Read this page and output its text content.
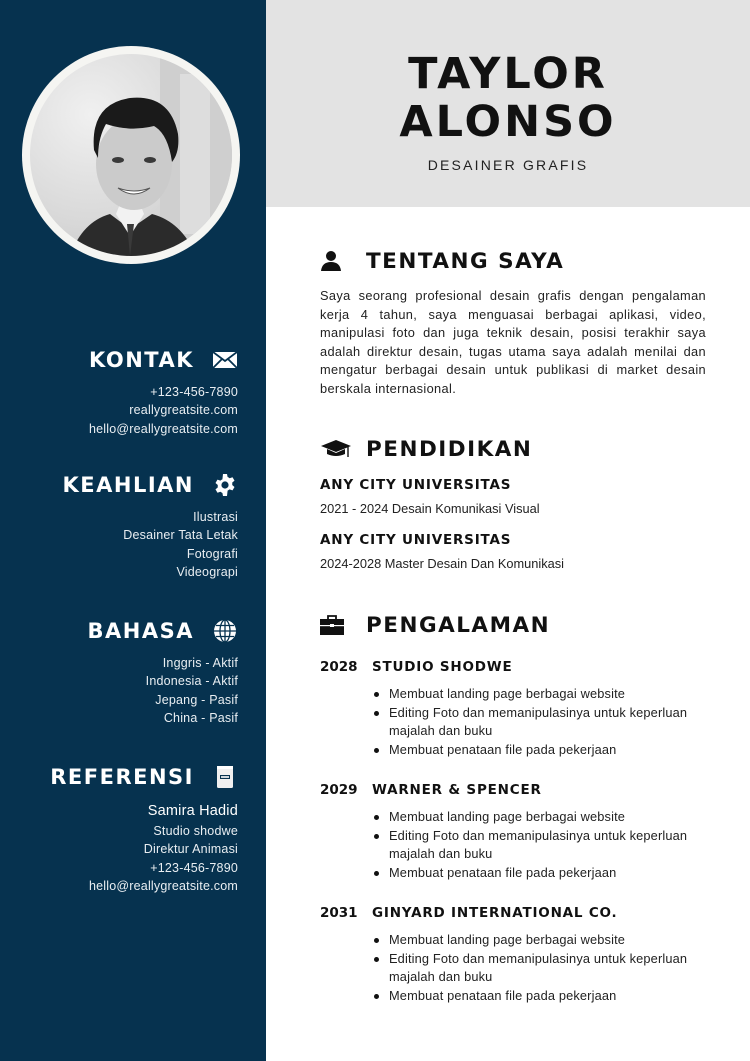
KONTAK
+123-456-7890
reallygreatsite.com
hello@reallygreatsite.com
KEAHLIAN
Ilustrasi
Desainer Tata Letak
Fotografi
Videograpi
BAHASA
Inggris - Aktif
Indonesia - Aktif
Jepang - Pasif
China - Pasif
REFERENSI
Samira Hadid
Studio shodwe
Direktur Animasi
+123-456-7890
hello@reallygreatsite.com
TAYLOR
ALONSO
DESAINER GRAFIS
TENTANG SAYA

Saya seorang profesional desain grafis dengan pengalaman kerja 4 tahun, saya menguasai berbagai aplikasi, video, manipulasi foto dan juga teknik desain, posisi terakhir saya adalah direktur desain, tugas utama saya adalah menilai dan mengatur berbagai desain untuk publikasi di market desain berskala internasional.

PENDIDIKAN
ANY CITY UNIVERSITAS
2021 - 2024 Desain Komunikasi Visual
ANY CITY UNIVERSITAS
2024-2028 Master Desain Dan Komunikasi
PENGALAMAN
2028	STUDIO SHODWE
Membuat landing page berbagai website
Editing Foto dan memanipulasinya untuk keperluan majalah dan buku
Membuat penataan file pada pekerjaan
2029	WARNER & SPENCER
Membuat landing page berbagai website
Editing Foto dan memanipulasinya untuk keperluan majalah dan buku
Membuat penataan file pada pekerjaan
2031	GINYARD INTERNATIONAL CO.
Membuat landing page berbagai website
Editing Foto dan memanipulasinya untuk keperluan majalah dan buku
Membuat penataan file pada pekerjaan
